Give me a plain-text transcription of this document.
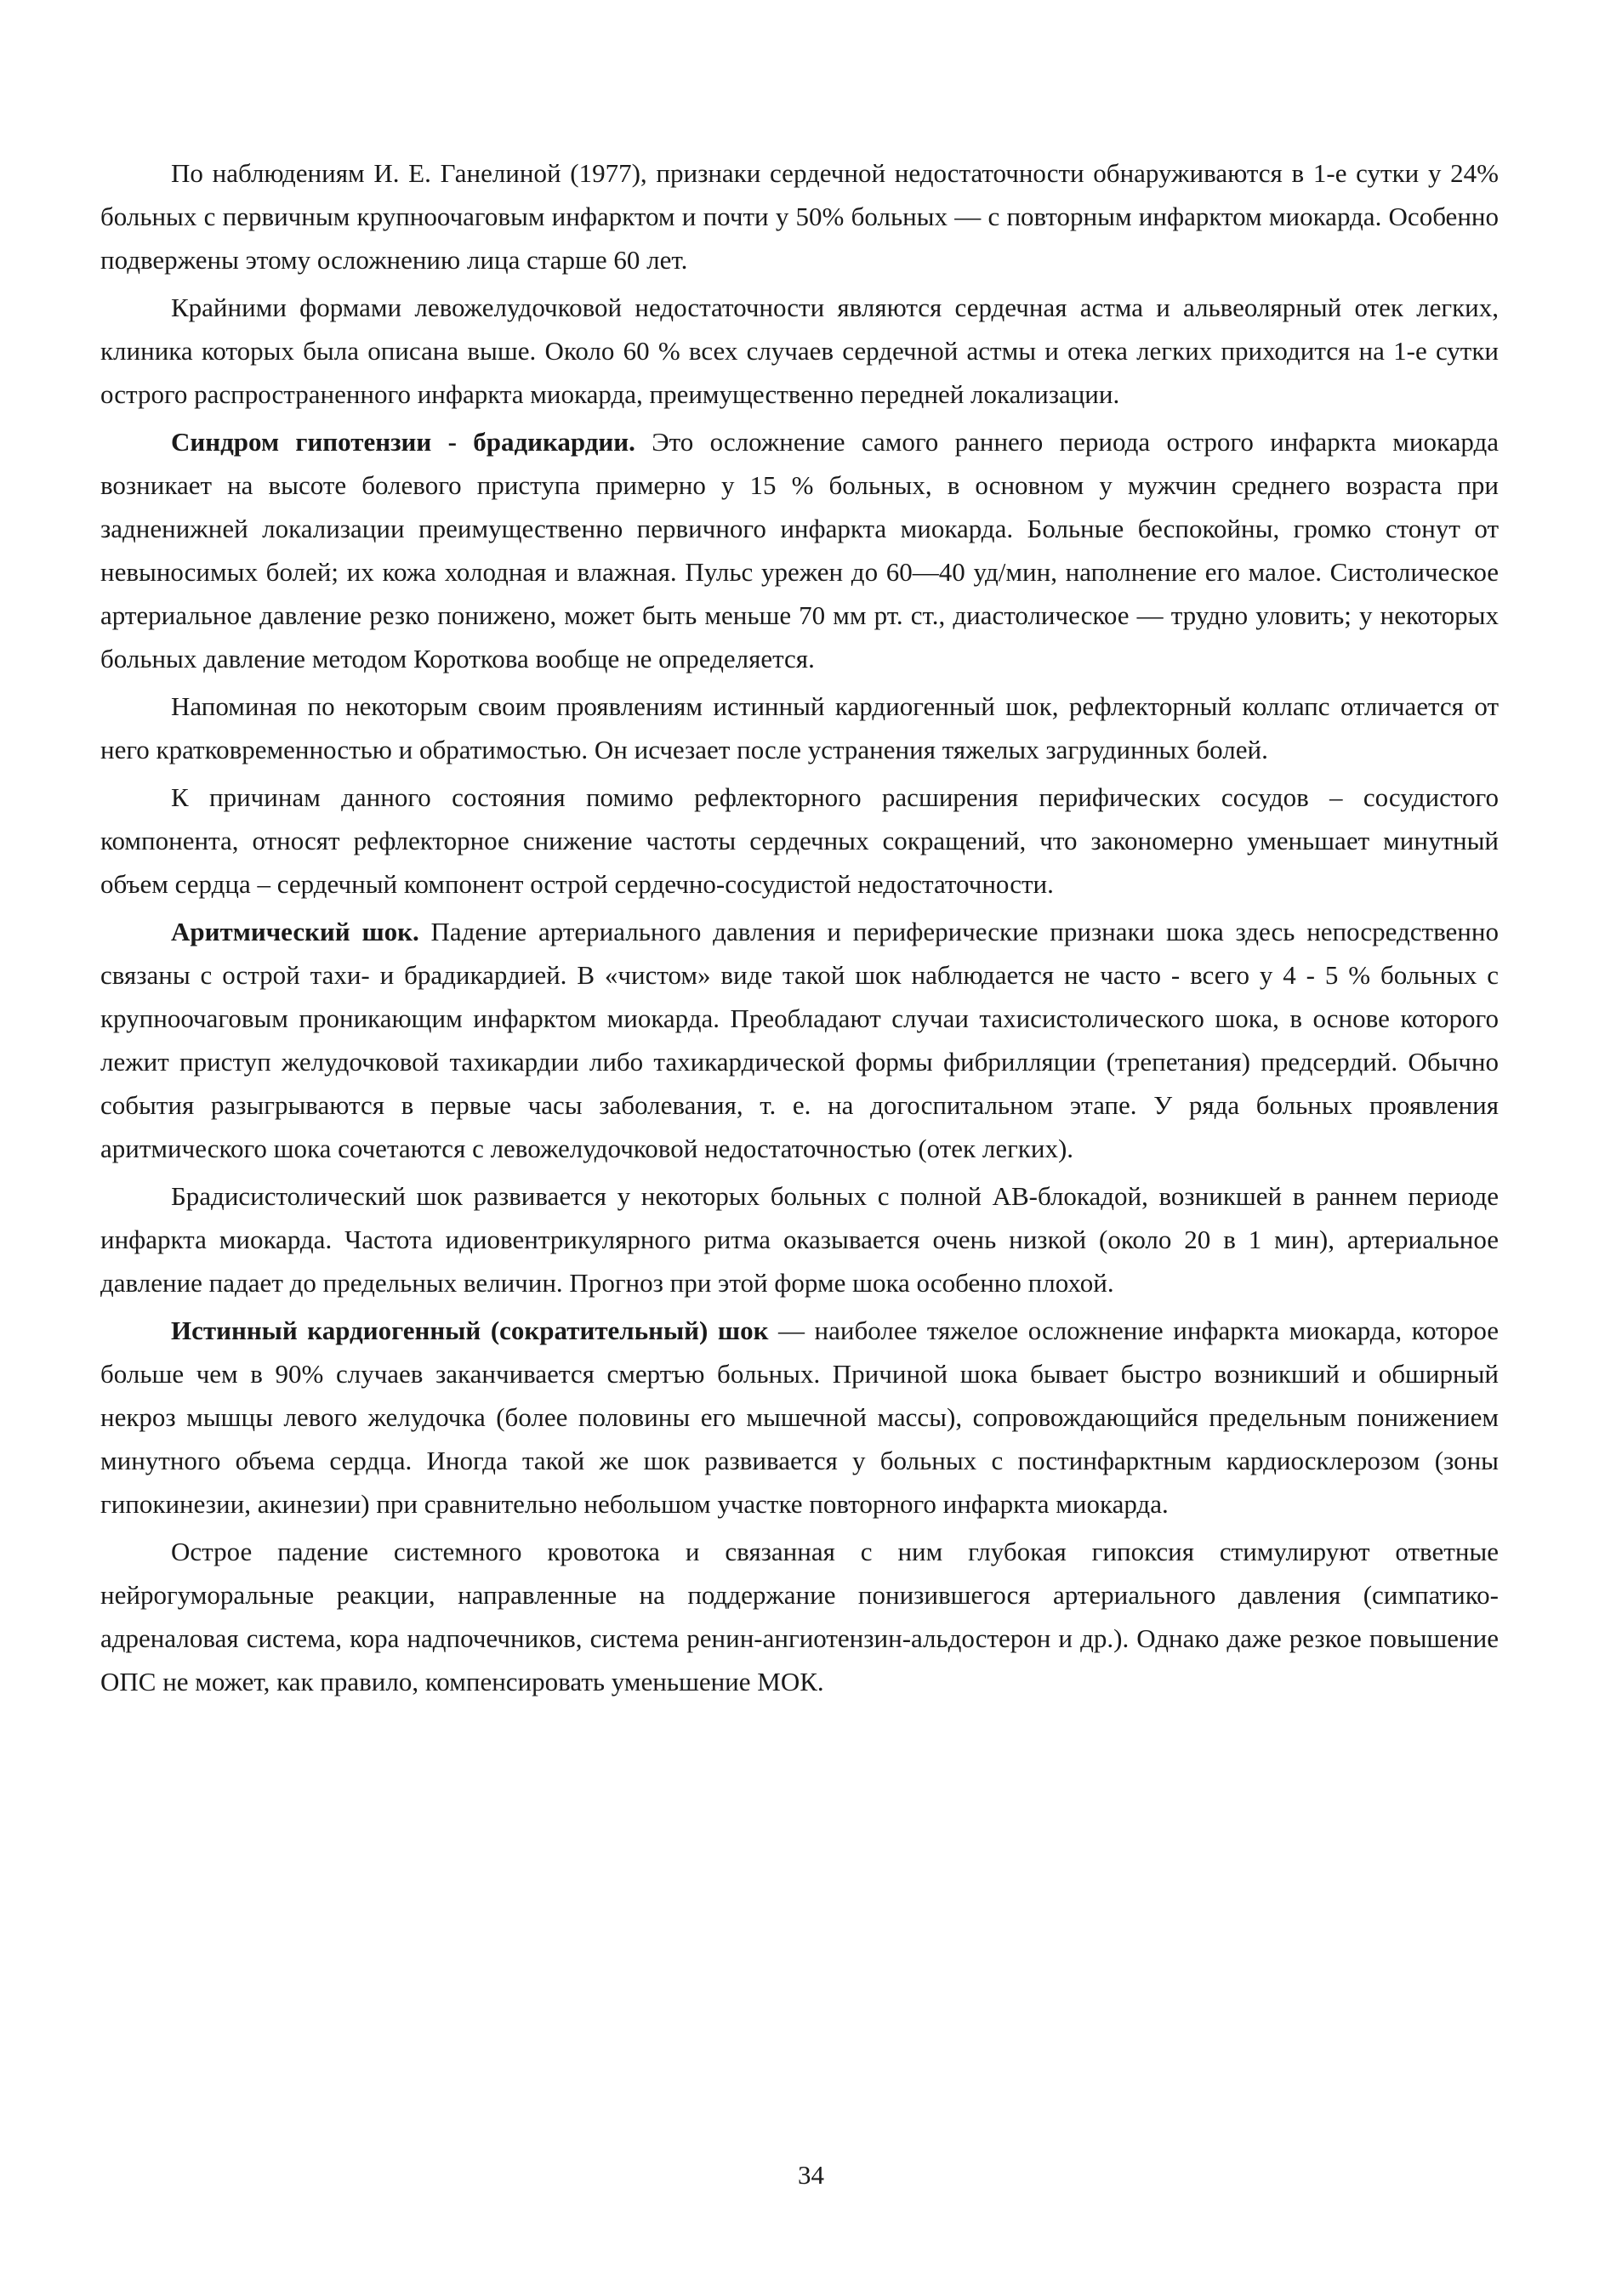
По наблюдениям И. Е. Ганелиной (1977), признаки сердечной недостаточности обнаруживаются в 1-е сутки у 24% больных с первичным крупноочаговым инфарктом и почти у 50% больных — с повторным инфарктом миокарда. Особенно подвержены этому осложнению лица старше 60 лет.

Крайними формами левожелудочковой недостаточности являются сердечная астма и альвеолярный отек легких, клиника которых была описана выше. Около 60 % всех случаев сердечной астмы и отека легких приходится на 1-е сутки острого распространенного инфаркта миокарда, преимущественно передней локализации.

Синдром гипотензии - брадикардии. Это осложнение самого раннего периода острого инфаркта миокарда возникает на высоте болевого приступа примерно у 15 % больных, в основном у мужчин среднего возраста при задненижней локализации преимущественно первичного инфаркта миокарда. Больные беспокойны, громко стонут от невыносимых болей; их кожа холодная и влажная. Пульс урежен до 60—40 уд/мин, наполнение его малое. Систолическое артериальное давление резко понижено, может быть меньше 70 мм рт. ст., диастолическое — трудно уловить; у некоторых больных давление методом Короткова вообще не определяется.

Напоминая по некоторым своим проявлениям истинный кардиогенный шок, рефлекторный коллапс отличается от него кратковременностью и обратимостью. Он исчезает после устранения тяжелых загрудинных болей.

К причинам данного состояния помимо рефлекторного расширения перифических сосудов – сосудистого компонента, относят рефлекторное снижение частоты сердечных сокращений, что закономерно уменьшает минутный объем сердца – сердечный компонент острой сердечно-сосудистой недостаточности.

Аритмический шок. Падение артериального давления и периферические признаки шока здесь непосредственно связаны с острой тахи- и брадикардией. В «чистом» виде такой шок наблюдается не часто - всего у 4 - 5 % больных с крупноочаговым проникающим инфарктом миокарда. Преобладают случаи тахисистолического шока, в основе которого лежит приступ желудочковой тахикардии либо тахикардической формы фибрилляции (трепетания) предсердий. Обычно события разыгрываются в первые часы заболевания, т. е. на догоспитальном этапе. У ряда больных проявления аритмического шока сочетаются с левожелудочковой недостаточностью (отек легких).

Брадисистолический шок развивается у некоторых больных с полной АВ-блокадой, возникшей в раннем периоде инфаркта миокарда. Частота идиовентрикулярного ритма оказывается очень низкой (около 20 в 1 мин), артериальное давление падает до предельных величин. Прогноз при этой форме шока особенно плохой.

Истинный кардиогенный (сократительный) шок — наиболее тяжелое осложнение инфаркта миокарда, которое больше чем в 90% случаев заканчивается смертъю больных. Причиной шока бывает быстро возникший и обширный некроз мышцы левого желудочка (более половины его мышечной массы), сопровождающийся предельным понижением минутного объема сердца. Иногда такой же шок развивается у больных с постинфарктным кардиосклерозом (зоны гипокинезии, акинезии) при сравнительно небольшом участке повторного инфаркта миокарда.

Острое падение системного кровотока и связанная с ним глубокая гипоксия стимулируют ответные нейрогуморальные реакции, направленные на поддержание понизившегося артериального давления (симпатико-адреналовая система, кора надпочечников, система ренин-ангиотензин-альдостерон и др.). Однако даже резкое повышение ОПС не может, как правило, компенсировать уменьшение МОК.

34
